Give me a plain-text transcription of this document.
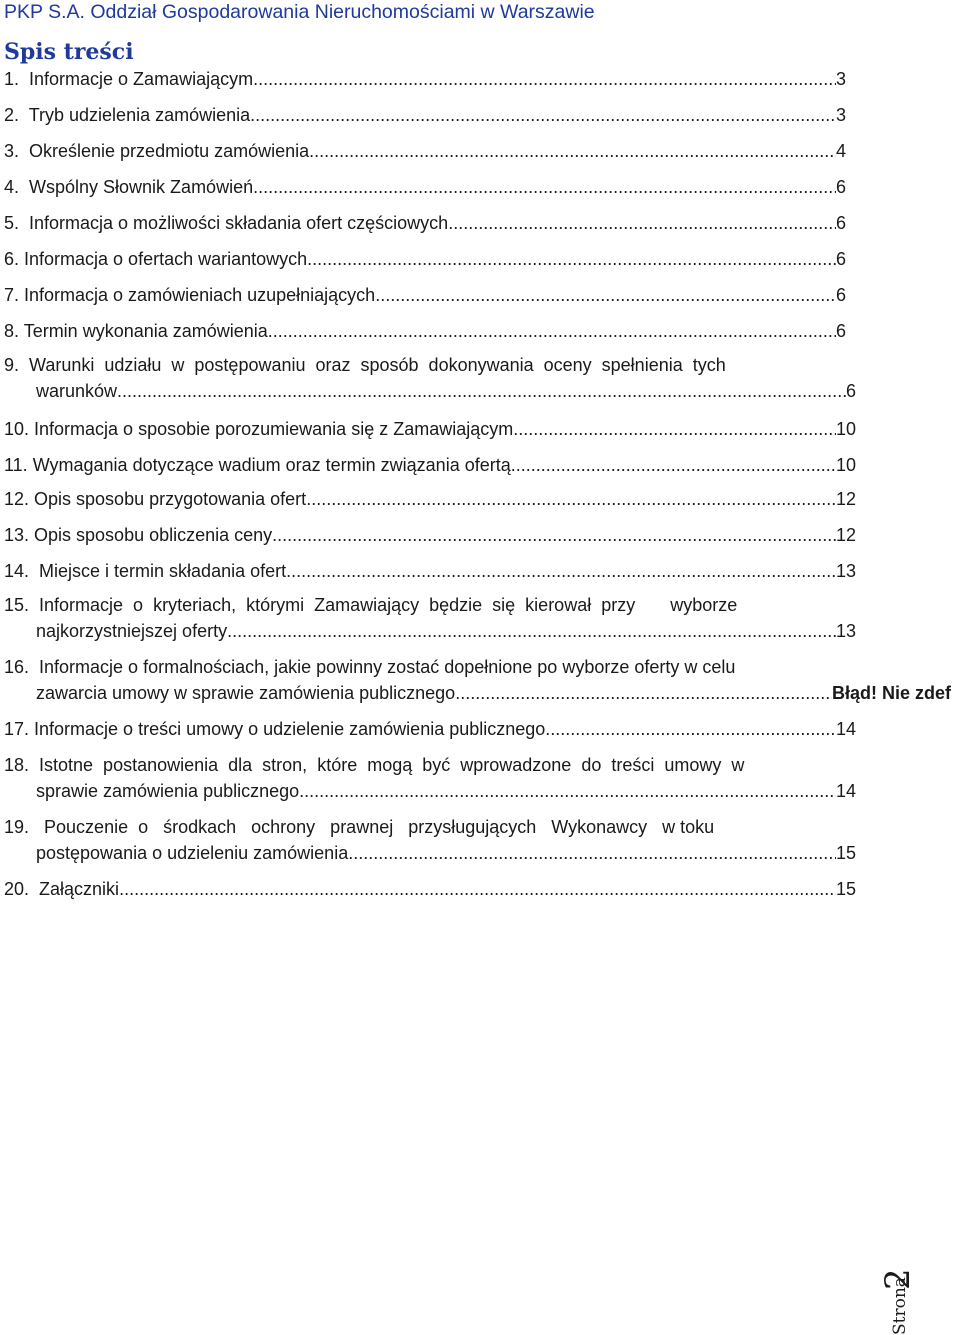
PKP S.A. Oddział Gospodarowania Nieruchomościami w Warszawie
Spis treści
1.  Informacje o Zamawiającym .....	3
2.  Tryb udzielenia zamówienia .....	3
3.  Określenie przedmiotu zamówienia .....	4
4.  Wspólny Słownik Zamówień .....	6
5.  Informacja o możliwości składania ofert częściowych .....	6
6. Informacja o ofertach wariantowych .....	6
7. Informacja o zamówieniach uzupełniających .....	6
8. Termin wykonania zamówienia .....	6
9.  Warunki  udziału  w  postępowaniu  oraz  sposób  dokonywania  oceny  spełnienia  tych
warunków .....	6
10. Informacja o sposobie porozumiewania się z Zamawiającym .....	10
11. Wymagania dotyczące wadium oraz termin związania ofertą .....	10
12. Opis sposobu przygotowania ofert .....	12
13. Opis sposobu obliczenia ceny .....	12
14.  Miejsce i termin składania ofert .....	13
15.  Informacje  o  kryteriach,  którymi  Zamawiający  będzie  się  kierował  przy       wyborze
najkorzystniejszej oferty .....	13
16.  Informacje o formalnościach, jakie powinny zostać dopełnione po wyborze oferty w celu
zawarcia umowy w sprawie zamówienia publicznego .....	Błąd! Nie zdef
17. Informacje o treści umowy o udzielenie zamówienia publicznego .....	14
18.  Istotne  postanowienia  dla  stron,  które  mogą  być  wprowadzone  do  treści  umowy  w
sprawie zamówienia publicznego .....	14
19.   Pouczenie  o   środkach   ochrony   prawnej   przysługujących   Wykonawcy   w toku
postępowania o udzieleniu zamówienia .....	15
20.  Załączniki .....	15
Strona
2
